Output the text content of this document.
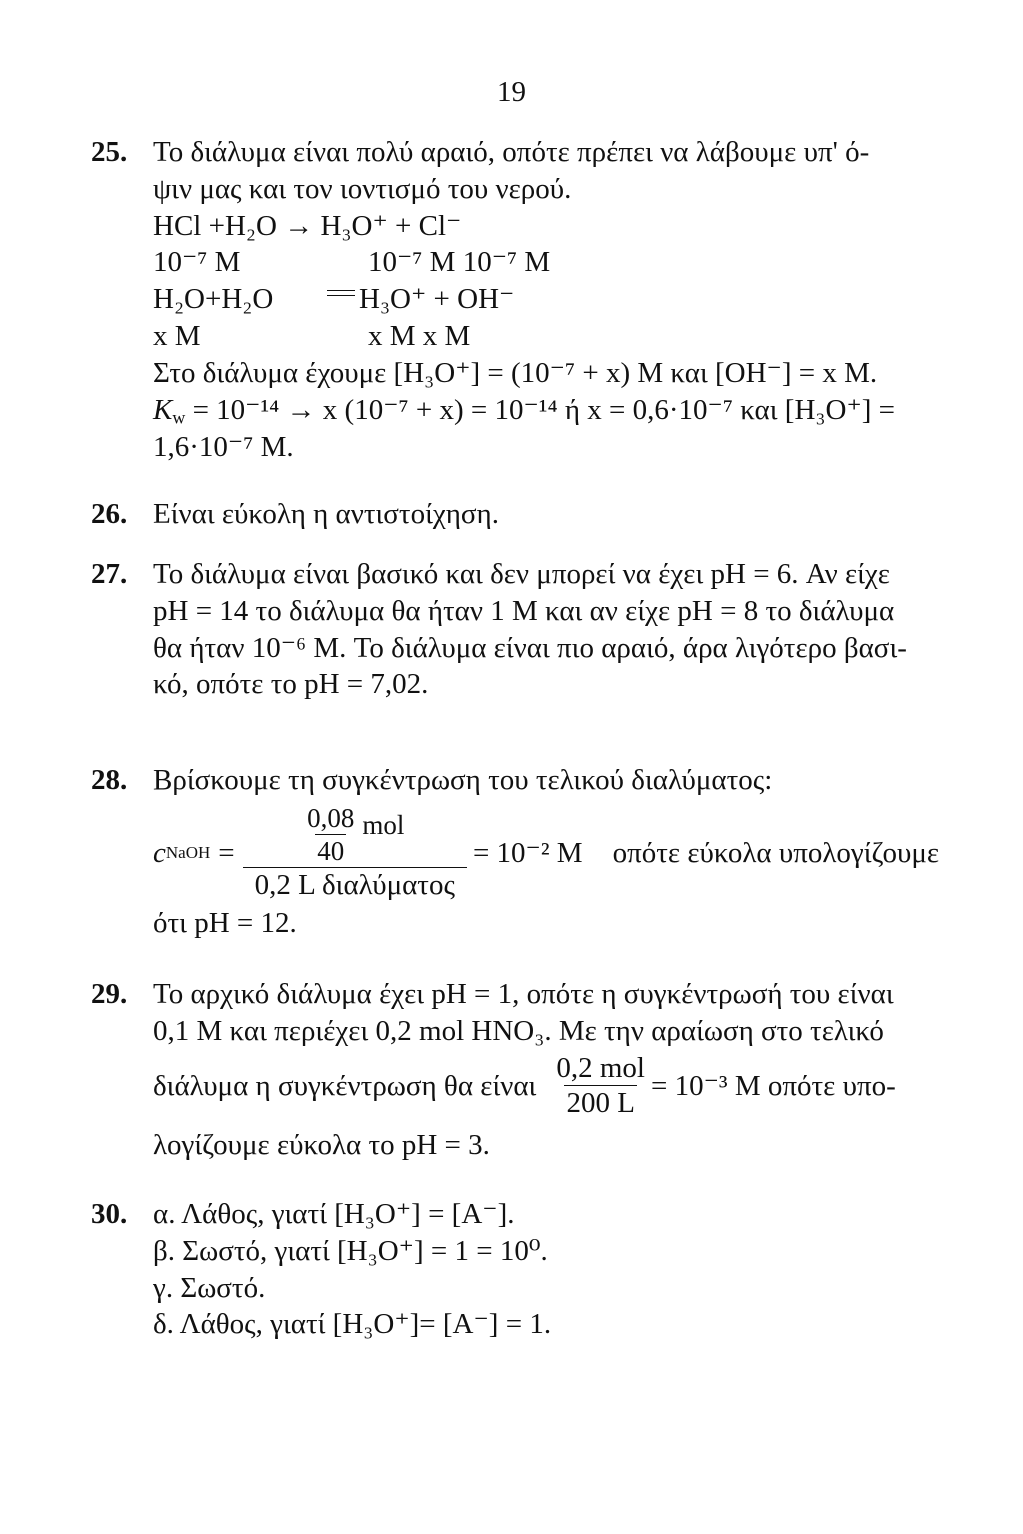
19
25. Το διάλυμα είναι πολύ αραιό, οπότε πρέπει να λάβουμε υπ' ό-
ψιν μας και τον ιοντισμό του νερού.
HCl +H₂O → H₃O⁺ + Cl⁻
10⁻⁷ M	10⁻⁷ M 10⁻⁷ M
H₂O+H₂O	H₃O⁺ + OH⁻
x M	x M x M
Στο διάλυμα έχουμε [H₃O⁺] = (10⁻⁷ + x) M και [OH⁻] = x M.
$K_w = 10^{-14} \to x$ (10⁻⁷ + x) = 10⁻¹⁴ ή x = 0,6·10⁻⁷ και [H₃O⁺] =
1,6·10⁻⁷ M.
26. Είναι εύκολη η αντιστοίχηση.
27. Το διάλυμα είναι βασικό και δεν μπορεί να έχει pH = 6. Αν είχε
pH = 14 το διάλυμα θα ήταν 1 M και αν είχε pH = 8 το διάλυμα
θα ήταν 10⁻⁶ M. Το διάλυμα είναι πιο αραιό, άρα λιγότερο βασι-
κό, οπότε το pH = 7,02.
28. Βρίσκουμε τη συγκέντρωση του τελικού διαλύματος:
c NaOH = $\frac{\frac{0,08}{40} mol}{\text{0,2 L διαλύματος}} = 10^{-2}$ M οπότε εύκολα υπολογίζουμε
ότι pH = 12.
29. Το αρχικό διάλυμα έχει pH = 1, οπότε η συγκέντρωσή του είναι
0,1 M και περιέχει 0,2 mol HNO₃. Με την αραίωση στο τελικό
διάλυμα η συγκέντρωση θα είναι $\frac{\text{0,2 mol}}{200 L} = 10^{-3}$ M οπότε υπο-
λογίζουμε εύκολα το pH = 3.
30. α. Λάθος, γιατί [H₃O⁺] = [A⁻].
β. Σωστό, γιατί [H₃O⁺] = 1 = 10⁰.
γ. Σωστό.
δ. Λάθος, γιατί [H₃O⁺]= [A⁻] = 1.
